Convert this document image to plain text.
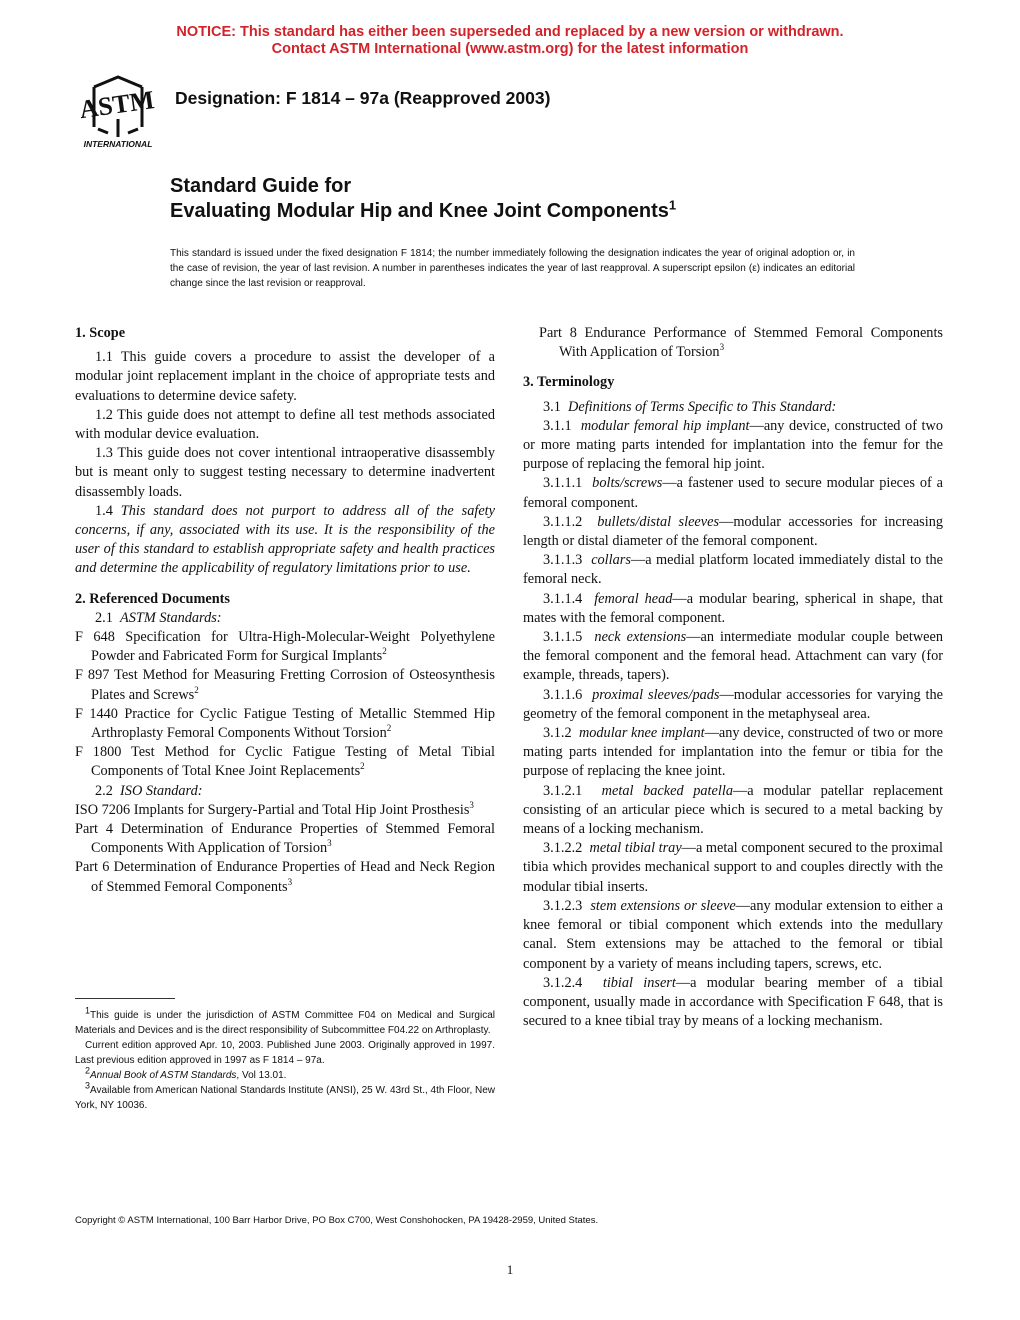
NOTICE: This standard has either been superseded and replaced by a new version or withdrawn.
Contact ASTM International (www.astm.org) for the latest information
ASTM
INTERNATIONAL
Designation: F 1814 – 97a (Reapproved 2003)
Standard Guide for
Evaluating Modular Hip and Knee Joint Components$^1$
This standard is issued under the fixed designation F 1814; the number immediately following the designation indicates the year of original adoption or, in the case of revision, the year of last revision. A number in parentheses indicates the year of last reapproval. A superscript epsilon (ε) indicates an editorial change since the last revision or reapproval.

1. Scope

1.1 This guide covers a procedure to assist the developer of a modular joint replacement implant in the choice of appropriate tests and evaluations to determine device safety.

1.2 This guide does not attempt to define all test methods associated with modular device evaluation.

1.3 This guide does not cover intentional intraoperative disassembly but is meant only to suggest testing necessary to determine inadvertent disassembly loads.

1.4 This standard does not purport to address all of the safety concerns, if any, associated with its use. It is the responsibility of the user of this standard to establish appropriate safety and health practices and determine the applicability of regulatory limitations prior to use.

2. Referenced Documents

2.1 ASTM Standards:

F 648 Specification for Ultra-High-Molecular-Weight Polyethylene Powder and Fabricated Form for Surgical Implants$^2$

F 897 Test Method for Measuring Fretting Corrosion of Osteosynthesis Plates and Screws$^2$

F 1440 Practice for Cyclic Fatigue Testing of Metallic Stemmed Hip Arthroplasty Femoral Components Without Torsion$^2$

F 1800 Test Method for Cyclic Fatigue Testing of Metal Tibial Components of Total Knee Joint Replacements$^2$

2.2 ISO Standard:

ISO 7206 Implants for Surgery-Partial and Total Hip Joint Prosthesis$^3$

Part 4 Determination of Endurance Properties of Stemmed Femoral Components With Application of Torsion$^3$

Part 6 Determination of Endurance Properties of Head and Neck Region of Stemmed Femoral Components$^3$

$^1$This guide is under the jurisdiction of ASTM Committee F04 on Medical and Surgical Materials and Devices and is the direct responsibility of Subcommittee F04.22 on Arthroplasty.

Current edition approved Apr. 10, 2003. Published June 2003. Originally approved in 1997. Last previous edition approved in 1997 as F 1814 – 97a.

$^2$Annual Book of ASTM Standards, Vol 13.01.

$^3$Available from American National Standards Institute (ANSI), 25 W. 43rd St., 4th Floor, New York, NY 10036.

Part 8 Endurance Performance of Stemmed Femoral Components With Application of Torsion$^3$

3. Terminology

3.1 Definitions of Terms Specific to This Standard:

3.1.1 modular femoral hip implant—any device, constructed of two or more mating parts intended for implantation into the femur for the purpose of replacing the femoral hip joint.

3.1.1.1 bolts/screws—a fastener used to secure modular pieces of a femoral component.

3.1.1.2 bullets/distal sleeves—modular accessories for increasing length or distal diameter of the femoral component.

3.1.1.3 collars—a medial platform located immediately distal to the femoral neck.

3.1.1.4 femoral head—a modular bearing, spherical in shape, that mates with the femoral component.

3.1.1.5 neck extensions—an intermediate modular couple between the femoral component and the femoral head. Attachment can vary (for example, threads, tapers).

3.1.1.6 proximal sleeves/pads—modular accessories for varying the geometry of the femoral component in the metaphyseal area.

3.1.2 modular knee implant—any device, constructed of two or more mating parts intended for implantation into the femur or tibia for the purpose of replacing the knee joint.

3.1.2.1 metal backed patella—a modular patellar replacement consisting of an articular piece which is secured to a metal backing by means of a locking mechanism.

3.1.2.2 metal tibial tray—a metal component secured to the proximal tibia which provides mechanical support to and couples directly with the modular tibial inserts.

3.1.2.3 stem extensions or sleeve—any modular extension to either a knee femoral or tibial component which extends into the medullary canal. Stem extensions may be attached to the femoral or tibial component by a variety of means including tapers, screws, etc.

3.1.2.4 tibial insert—a modular bearing member of a tibial component, usually made in accordance with Specification F 648, that is secured to a knee tibial tray by means of a locking mechanism.

Copyright © ASTM International, 100 Barr Harbor Drive, PO Box C700, West Conshohocken, PA 19428-2959, United States.
1
